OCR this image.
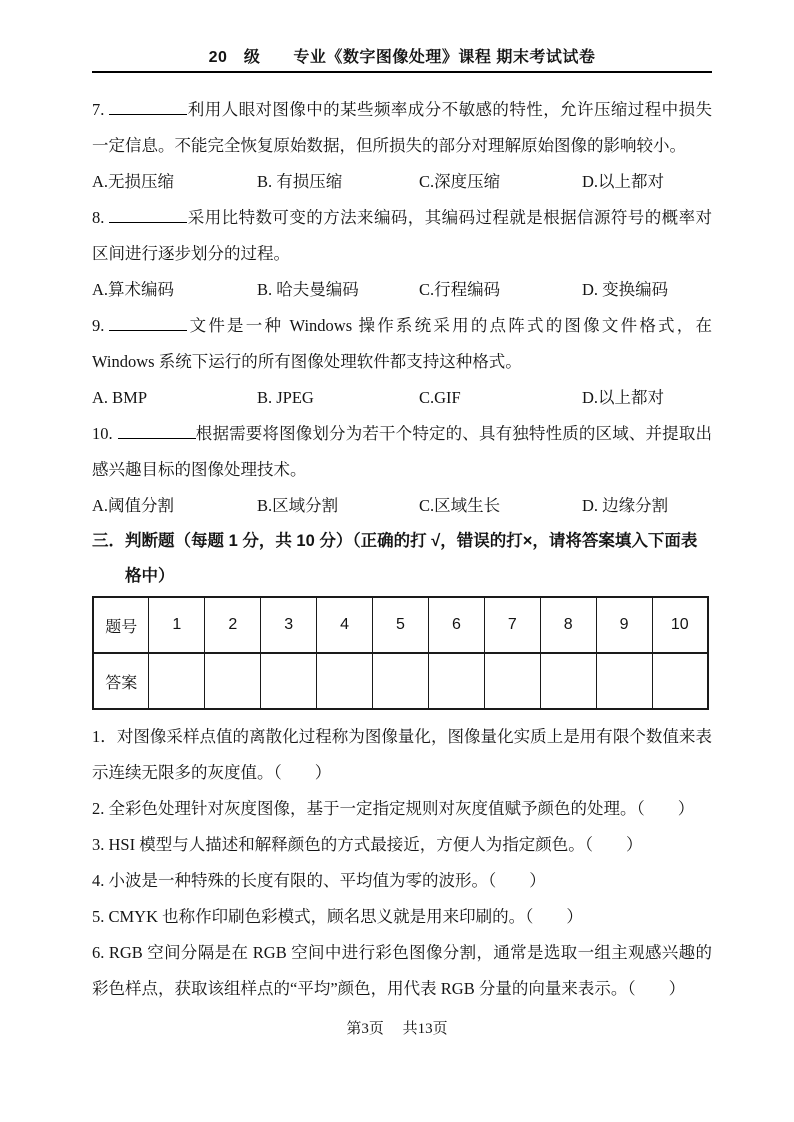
20　级　　专业《数字图像处理》课程 期末考试试卷

7.	利用人眼对图像中的某些频率成分不敏感的特性，允许压缩过程中损失一定信息。不能完全恢复原始数据，但所损失的部分对理解原始图像的影响较小。

A.无损压缩	B. 有损压缩	C.深度压缩	D.以上都对

8.	采用比特数可变的方法来编码，其编码过程就是根据信源符号的概率对区间进行逐步划分的过程。

A.算术编码	B. 哈夫曼编码	C.行程编码	D. 变换编码

9.	文件是一种 Windows 操作系统采用的点阵式的图像文件格式，在 Windows 系统下运行的所有图像处理软件都支持这种格式。

A. BMP	B. JPEG	C.GIF	D.以上都对

10.	根据需要将图像划分为若干个特定的、具有独特性质的区域、并提取出感兴趣目标的图像处理技术。

A.阈值分割	B.区域分割	C.区域生长	D. 边缘分割
三．判断题（每题 1 分，共 10 分）（正确的打 √，错误的打×，请将答案填入下面表
格中）
题号	1	2	3	4	5	6	7	8	9	10
答案										

1．对图像采样点值的离散化过程称为图像量化，图像量化实质上是用有限个数值来表示连续无限多的灰度值。（　　）

2. 全彩色处理针对灰度图像，基于一定指定规则对灰度值赋予颜色的处理。（　　）

3. HSI 模型与人描述和解释颜色的方式最接近，方便人为指定颜色。（　　）

4. 小波是一种特殊的长度有限的、平均值为零的波形。（　　）

5. CMYK 也称作印刷色彩模式，顾名思义就是用来印刷的。（　　）

6. RGB 空间分隔是在 RGB 空间中进行彩色图像分割，通常是选取一组主观感兴趣的彩色样点，获取该组样点的“平均”颜色，用代表 RGB 分量的向量来表示。（　　）

第3页　 共13页
